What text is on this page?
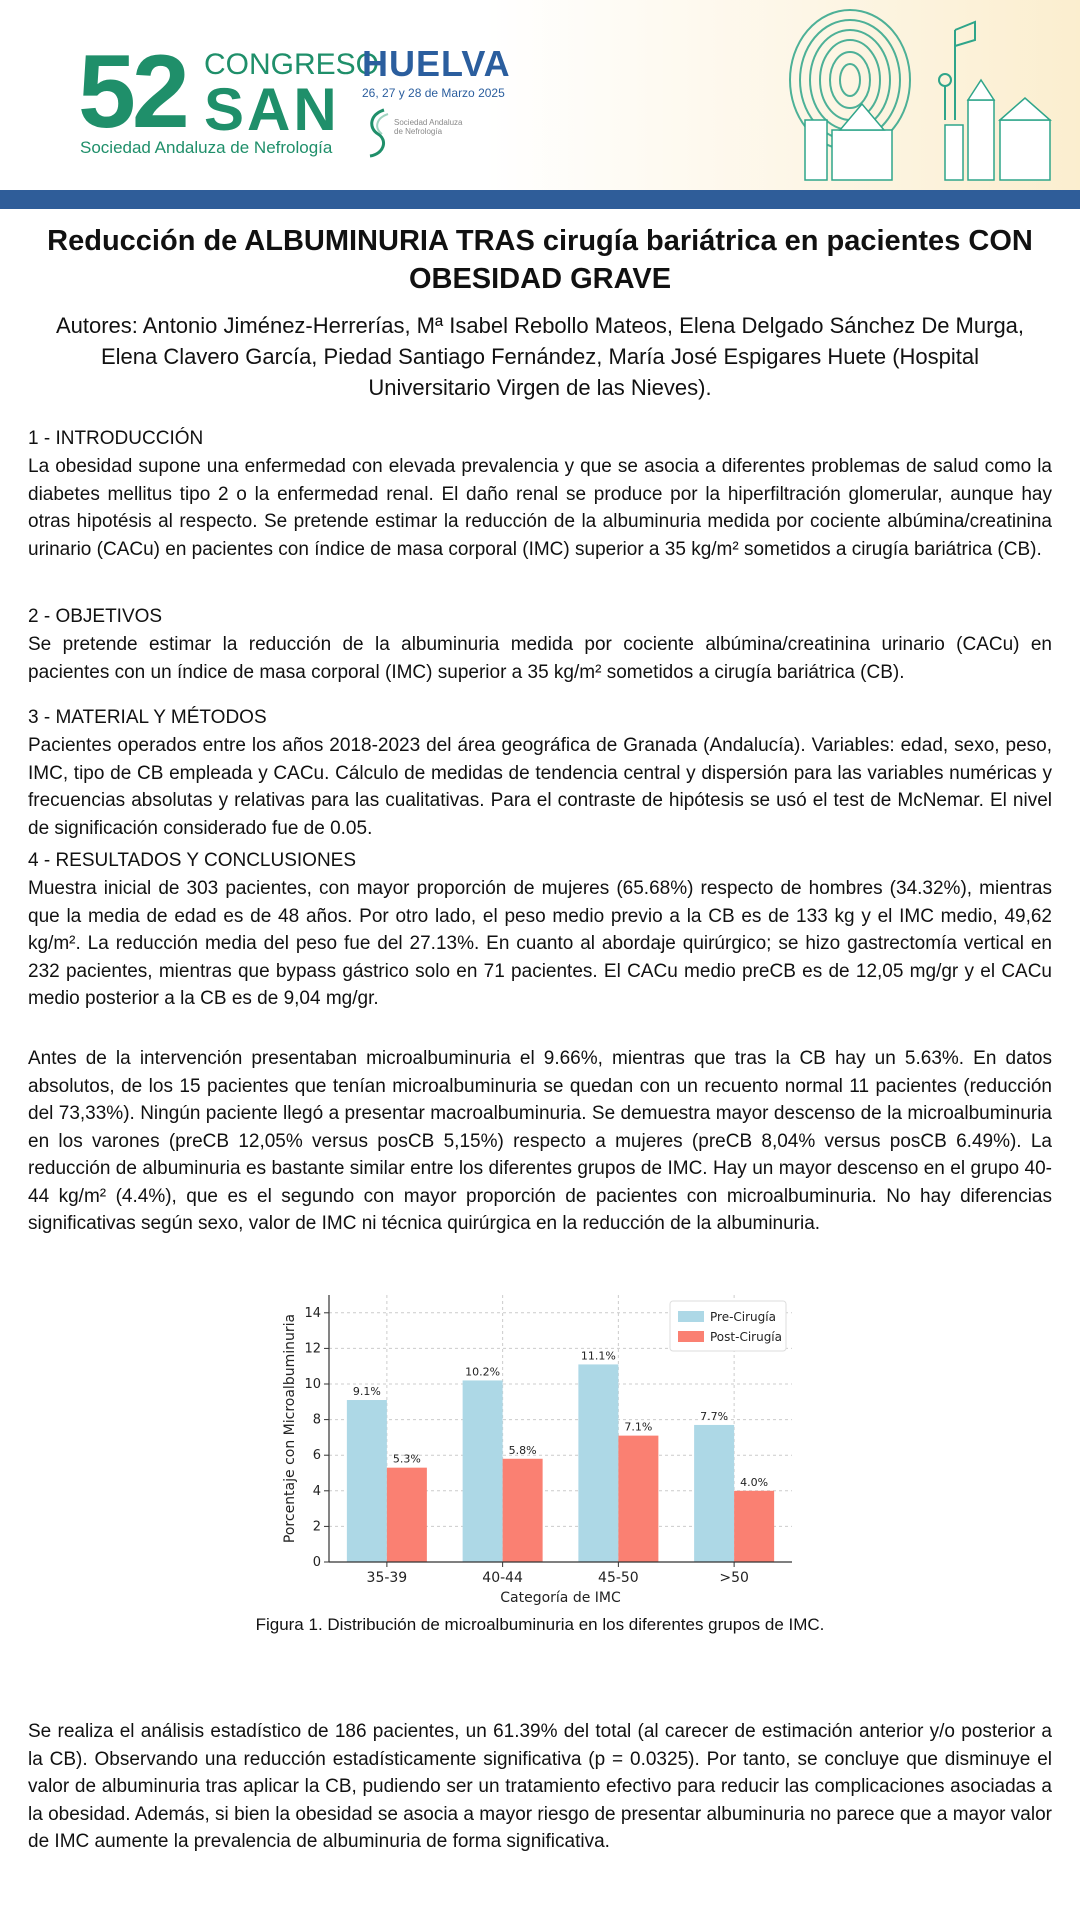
52 CONGRESO
SAN
Sociedad Andaluza de Nefrología
HUELVA
26, 27 y 28 de Marzo 2025
Sociedad Andaluza de Nefrología
Reducción de ALBUMINURIA TRAS cirugía bariátrica en pacientes CON OBESIDAD GRAVE

Autores: Antonio Jiménez-Herrerías, Mª Isabel Rebollo Mateos, Elena Delgado Sánchez De Murga, Elena Clavero García, Piedad Santiago Fernández, María José Espigares Huete (Hospital Universitario Virgen de las Nieves).

1 - INTRODUCCIÓN

La obesidad supone una enfermedad con elevada prevalencia y que se asocia a diferentes problemas de salud como la diabetes mellitus tipo 2 o la enfermedad renal. El daño renal se produce por la hiperfiltración glomerular, aunque hay otras hipotésis al respecto. Se pretende estimar la reducción de la albuminuria medida por cociente albúmina/creatinina urinario (CACu) en pacientes con índice de masa corporal (IMC) superior a 35 kg/m² sometidos a cirugía bariátrica (CB).

2 - OBJETIVOS

Se pretende estimar la reducción de la albuminuria medida por cociente albúmina/creatinina urinario (CACu) en pacientes con un índice de masa corporal (IMC) superior a 35 kg/m² sometidos a cirugía bariátrica (CB).

3 - MATERIAL Y MÉTODOS

Pacientes operados entre los años 2018-2023 del área geográfica de Granada (Andalucía). Variables: edad, sexo, peso, IMC, tipo de CB empleada y CACu. Cálculo de medidas de tendencia central y dispersión para las variables numéricas y frecuencias absolutas y relativas para las cualitativas. Para el contraste de hipótesis se usó el test de McNemar. El nivel de significación considerado fue de 0.05.

4 - RESULTADOS Y CONCLUSIONES

Muestra inicial de 303 pacientes, con mayor proporción de mujeres (65.68%) respecto de hombres (34.32%), mientras que la media de edad es de 48 años. Por otro lado, el peso medio previo a la CB es de 133 kg y el IMC medio, 49,62 kg/m². La reducción media del peso fue del 27.13%. En cuanto al abordaje quirúrgico; se hizo gastrectomía vertical en 232 pacientes, mientras que bypass gástrico solo en 71 pacientes. El CACu medio preCB es de 12,05 mg/gr y el CACu medio posterior a la CB es de 9,04 mg/gr.

Antes de la intervención presentaban microalbuminuria el 9.66%, mientras que tras la CB hay un 5.63%. En datos absolutos, de los 15 pacientes que tenían microalbuminuria se quedan con un recuento normal 11 pacientes (reducción del 73,33%). Ningún paciente llegó a presentar macroalbuminuria. Se demuestra mayor descenso de la microalbuminuria en los varones (preCB 12,05% versus posCB 5,15%) respecto a mujeres (preCB 8,04% versus posCB 6.49%). La reducción de albuminuria es bastante similar entre los diferentes grupos de IMC. Hay un mayor descenso en el grupo 40-44 kg/m² (4.4%), que es el segundo con mayor proporción de pacientes con microalbuminuria. No hay diferencias significativas según sexo, valor de IMC ni técnica quirúrgica en la reducción de la albuminuria.

0
2
4
6
8
10
12
14
9.1%
10.2%
11.1%
7.7%
5.3%
5.8%
7.1%
4.0%
35-39	40-44	45-50	>50
Categoría de IMC
Porcentaje con Microalbuminuria	Pre-Cirugía
Post-Cirugía

Figura 1. Distribución de microalbuminuria en los diferentes grupos de IMC.

Se realiza el análisis estadístico de 186 pacientes, un 61.39% del total (al carecer de estimación anterior y/o posterior a la CB). Observando una reducción estadísticamente significativa (p = 0.0325). Por tanto, se concluye que disminuye el valor de albuminuria tras aplicar la CB, pudiendo ser un tratamiento efectivo para reducir las complicaciones asociadas a la obesidad. Además, si bien la obesidad se asocia a mayor riesgo de presentar albuminuria no parece que a mayor valor de IMC aumente la prevalencia de albuminuria de forma significativa.
